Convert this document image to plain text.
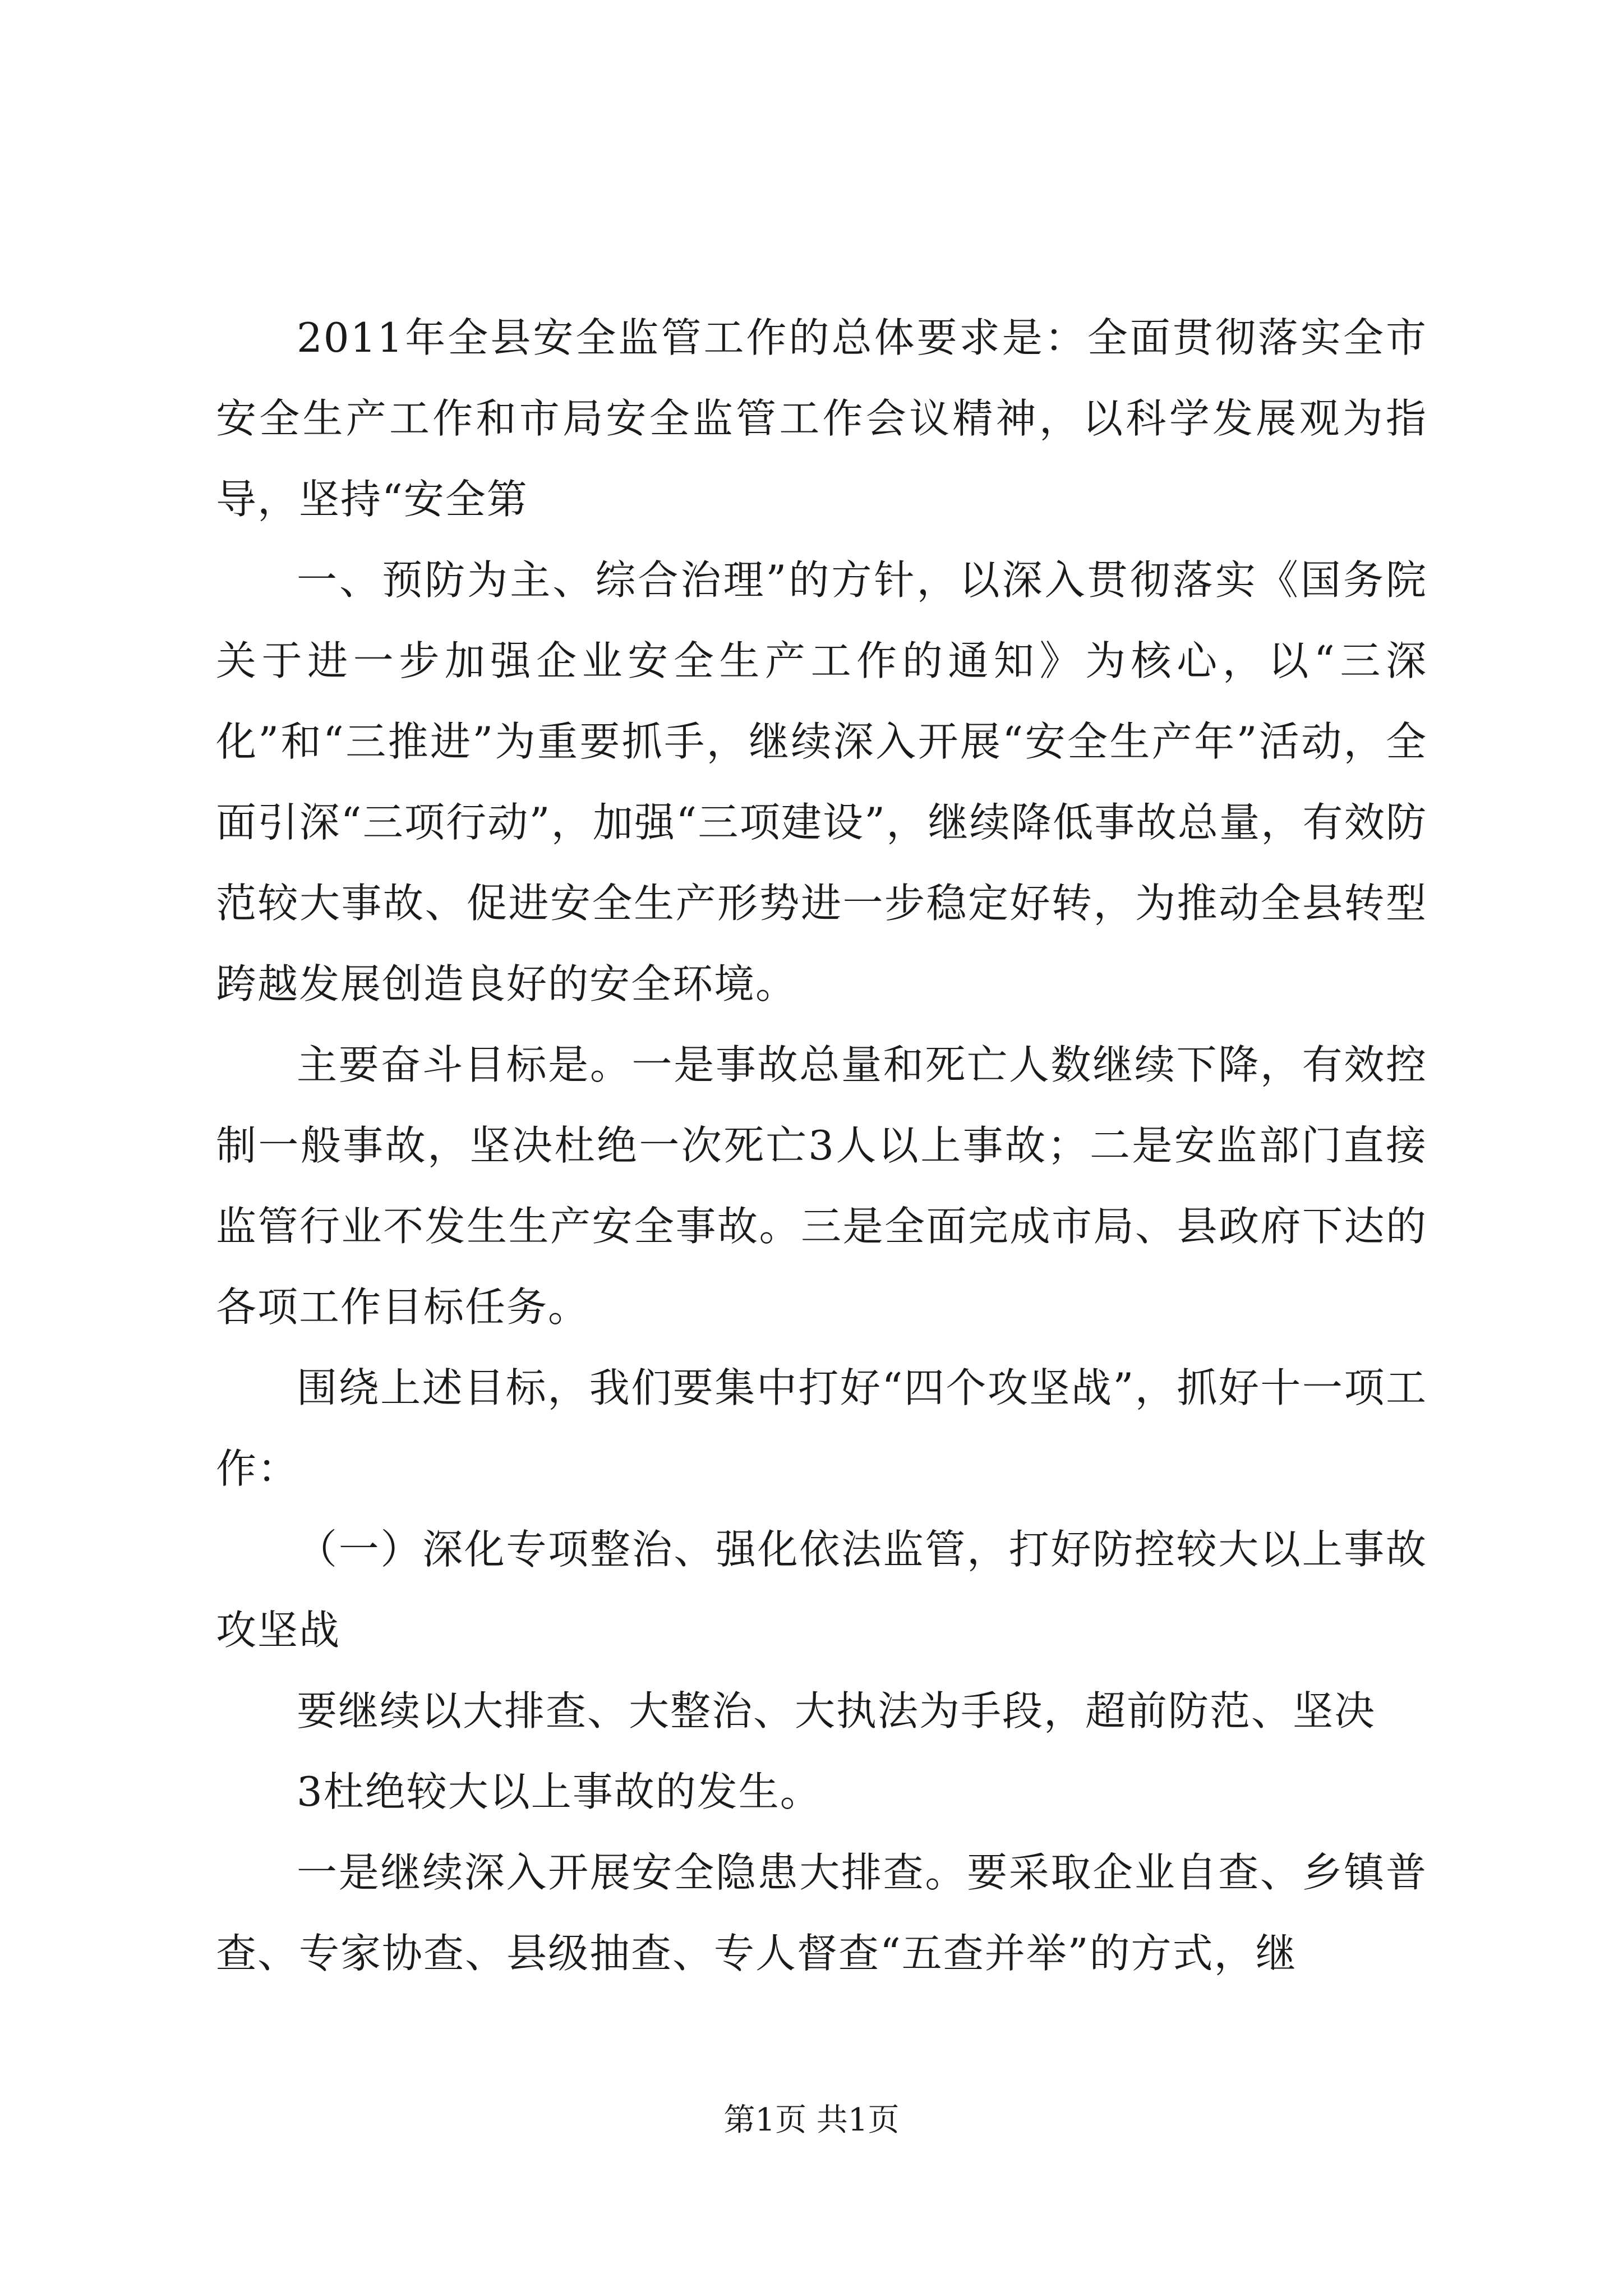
2011年全县安全监管工作的总体要求是：全面贯彻落实全市安全生产工作和市局安全监管工作会议精神，以科学发展观为指导，坚持“安全第

一、预防为主、综合治理”的方针，以深入贯彻落实《国务院关于进一步加强企业安全生产工作的通知》为核心，以“三深化”和“三推进”为重要抓手，继续深入开展“安全生产年”活动，全面引深“三项行动”，加强“三项建设”，继续降低事故总量，有效防范较大事故、促进安全生产形势进一步稳定好转，为推动全县转型跨越发展创造良好的安全环境。

主要奋斗目标是。一是事故总量和死亡人数继续下降，有效控制一般事故，坚决杜绝一次死亡3人以上事故；二是安监部门直接监管行业不发生生产安全事故。三是全面完成市局、县政府下达的各项工作目标任务。

围绕上述目标，我们要集中打好“四个攻坚战”，抓好十一项工作：

（一）深化专项整治、强化依法监管，打好防控较大以上事故攻坚战

要继续以大排查、大整治、大执法为手段，超前防范、坚决

3杜绝较大以上事故的发生。

一是继续深入开展安全隐患大排查。要采取企业自查、乡镇普查、专家协查、县级抽查、专人督查“五查并举”的方式，继

第1页 共1页
